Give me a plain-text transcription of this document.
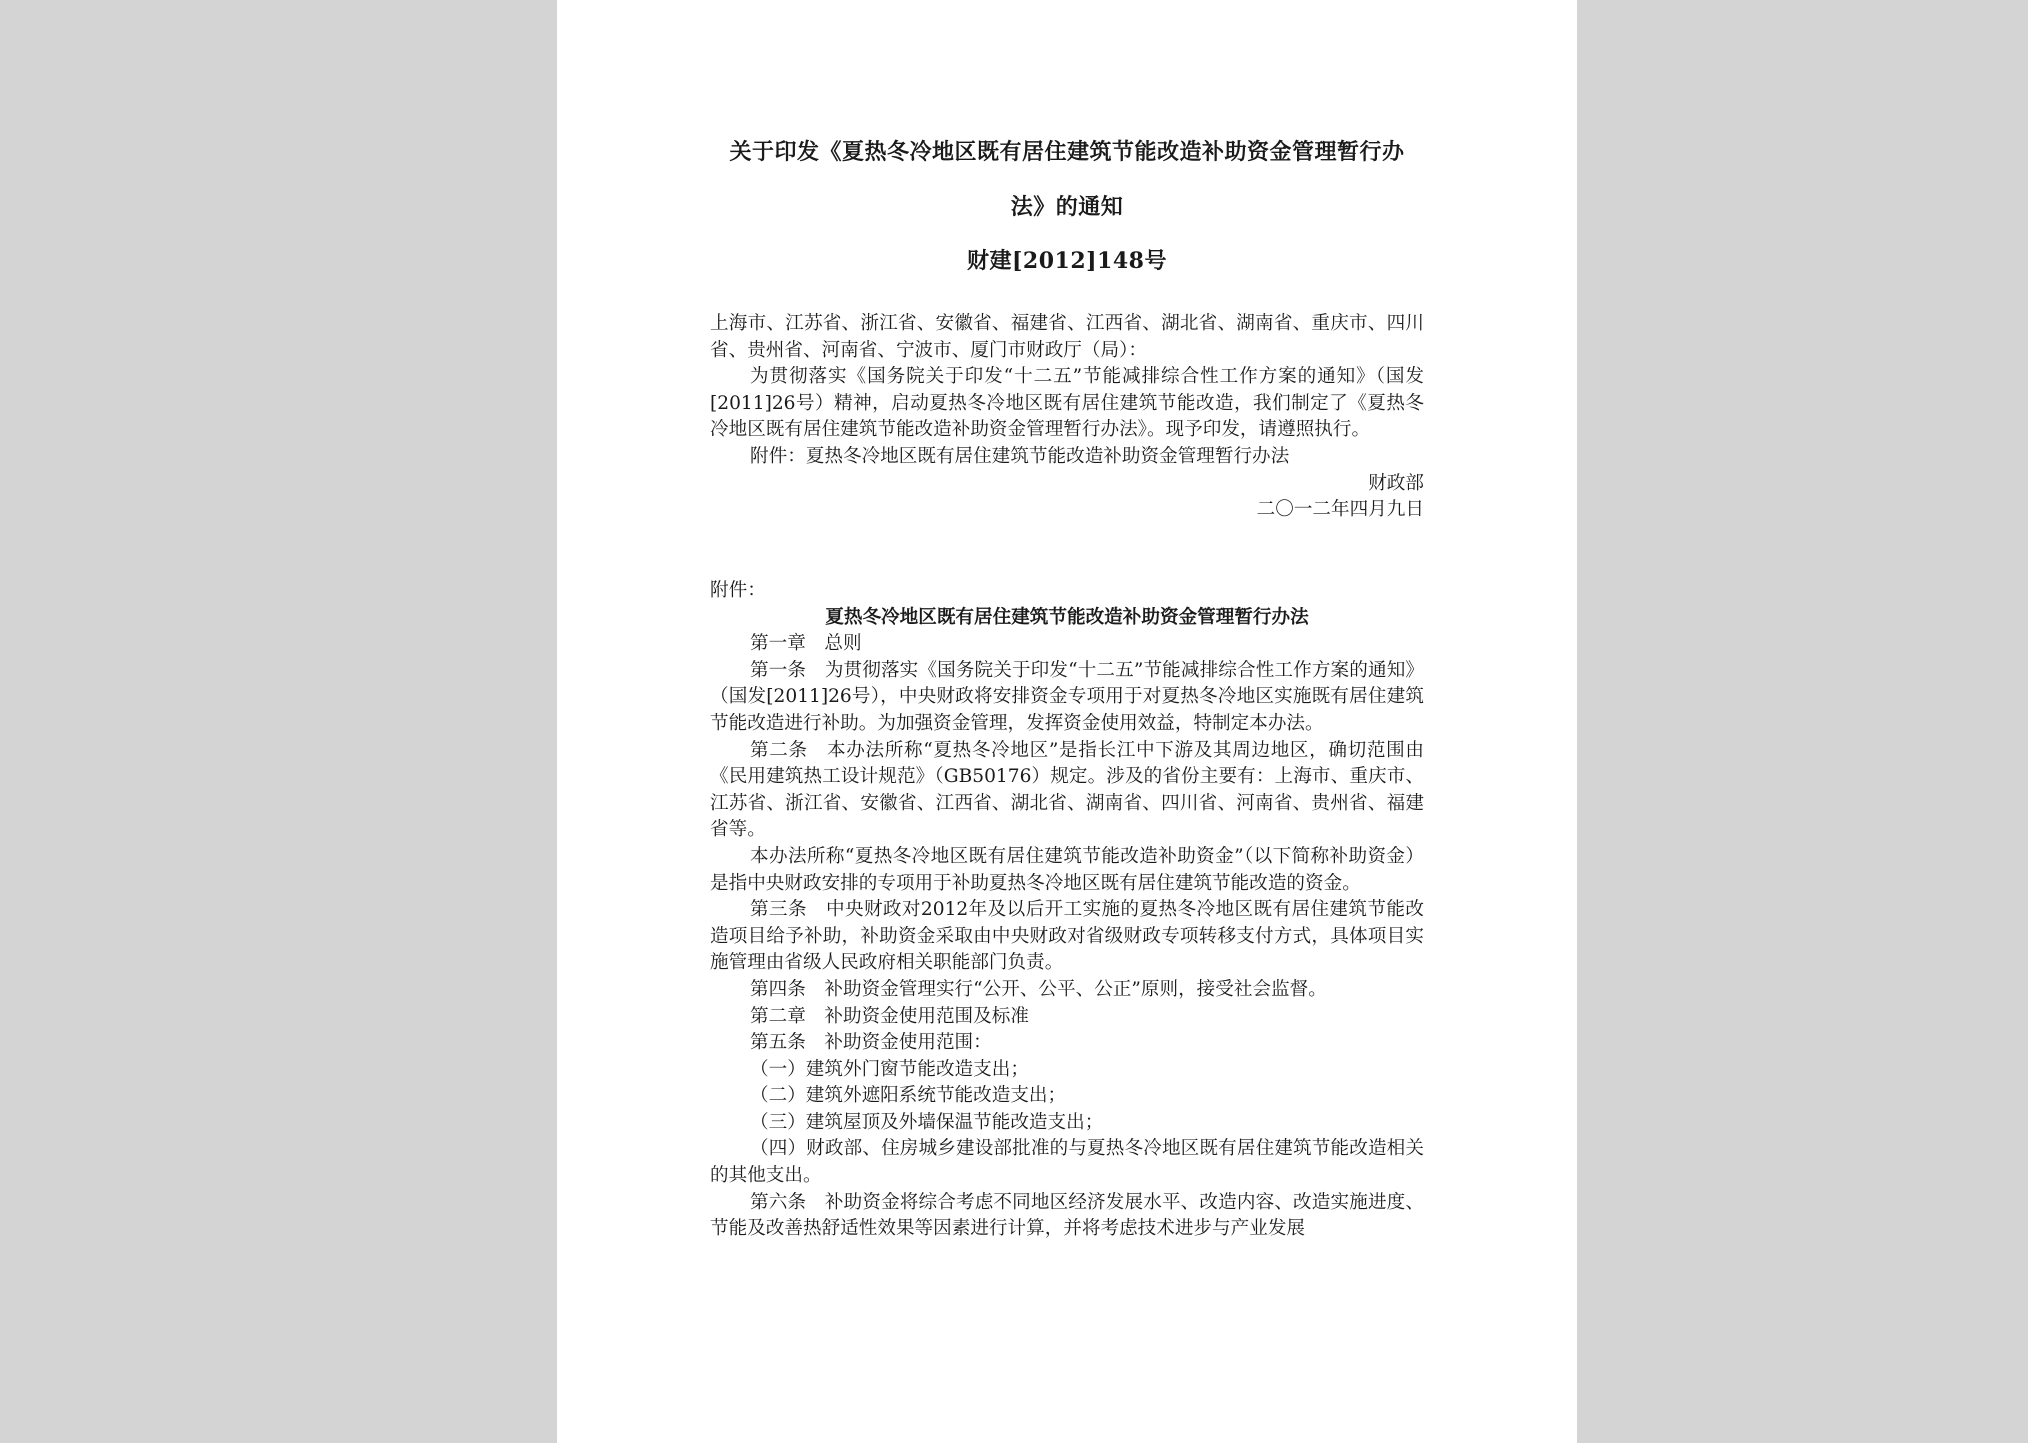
关于印发《夏热冬冷地区既有居住建筑节能改造补助资金管理暂行办
法》的通知
财建[2012]148号

上海市、江苏省、浙江省、安徽省、福建省、江西省、湖北省、湖南省、重庆市、四川省、贵州省、河南省、宁波市、厦门市财政厅（局）：

为贯彻落实《国务院关于印发“十二五”节能减排综合性工作方案的通知》（国发[2011]26号）精神，启动夏热冬冷地区既有居住建筑节能改造，我们制定了《夏热冬冷地区既有居住建筑节能改造补助资金管理暂行办法》。现予印发，请遵照执行。

附件：夏热冬冷地区既有居住建筑节能改造补助资金管理暂行办法

财政部

二〇一二年四月九日

附件：

夏热冬冷地区既有居住建筑节能改造补助资金管理暂行办法

第一章　总则

第一条　为贯彻落实《国务院关于印发“十二五”节能减排综合性工作方案的通知》（国发[2011]26号），中央财政将安排资金专项用于对夏热冬冷地区实施既有居住建筑节能改造进行补助。为加强资金管理，发挥资金使用效益，特制定本办法。

第二条　本办法所称“夏热冬冷地区”是指长江中下游及其周边地区，确切范围由《民用建筑热工设计规范》（GB50176）规定。涉及的省份主要有：上海市、重庆市、江苏省、浙江省、安徽省、江西省、湖北省、湖南省、四川省、河南省、贵州省、福建省等。

本办法所称“夏热冬冷地区既有居住建筑节能改造补助资金”（以下简称补助资金）是指中央财政安排的专项用于补助夏热冬冷地区既有居住建筑节能改造的资金。

第三条　中央财政对2012年及以后开工实施的夏热冬冷地区既有居住建筑节能改造项目给予补助，补助资金采取由中央财政对省级财政专项转移支付方式，具体项目实施管理由省级人民政府相关职能部门负责。

第四条　补助资金管理实行“公开、公平、公正”原则，接受社会监督。

第二章　补助资金使用范围及标准

第五条　补助资金使用范围：

（一）建筑外门窗节能改造支出；

（二）建筑外遮阳系统节能改造支出；

（三）建筑屋顶及外墙保温节能改造支出；

（四）财政部、住房城乡建设部批准的与夏热冬冷地区既有居住建筑节能改造相关的其他支出。

第六条　补助资金将综合考虑不同地区经济发展水平、改造内容、改造实施进度、节能及改善热舒适性效果等因素进行计算，并将考虑技术进步与产业发展
